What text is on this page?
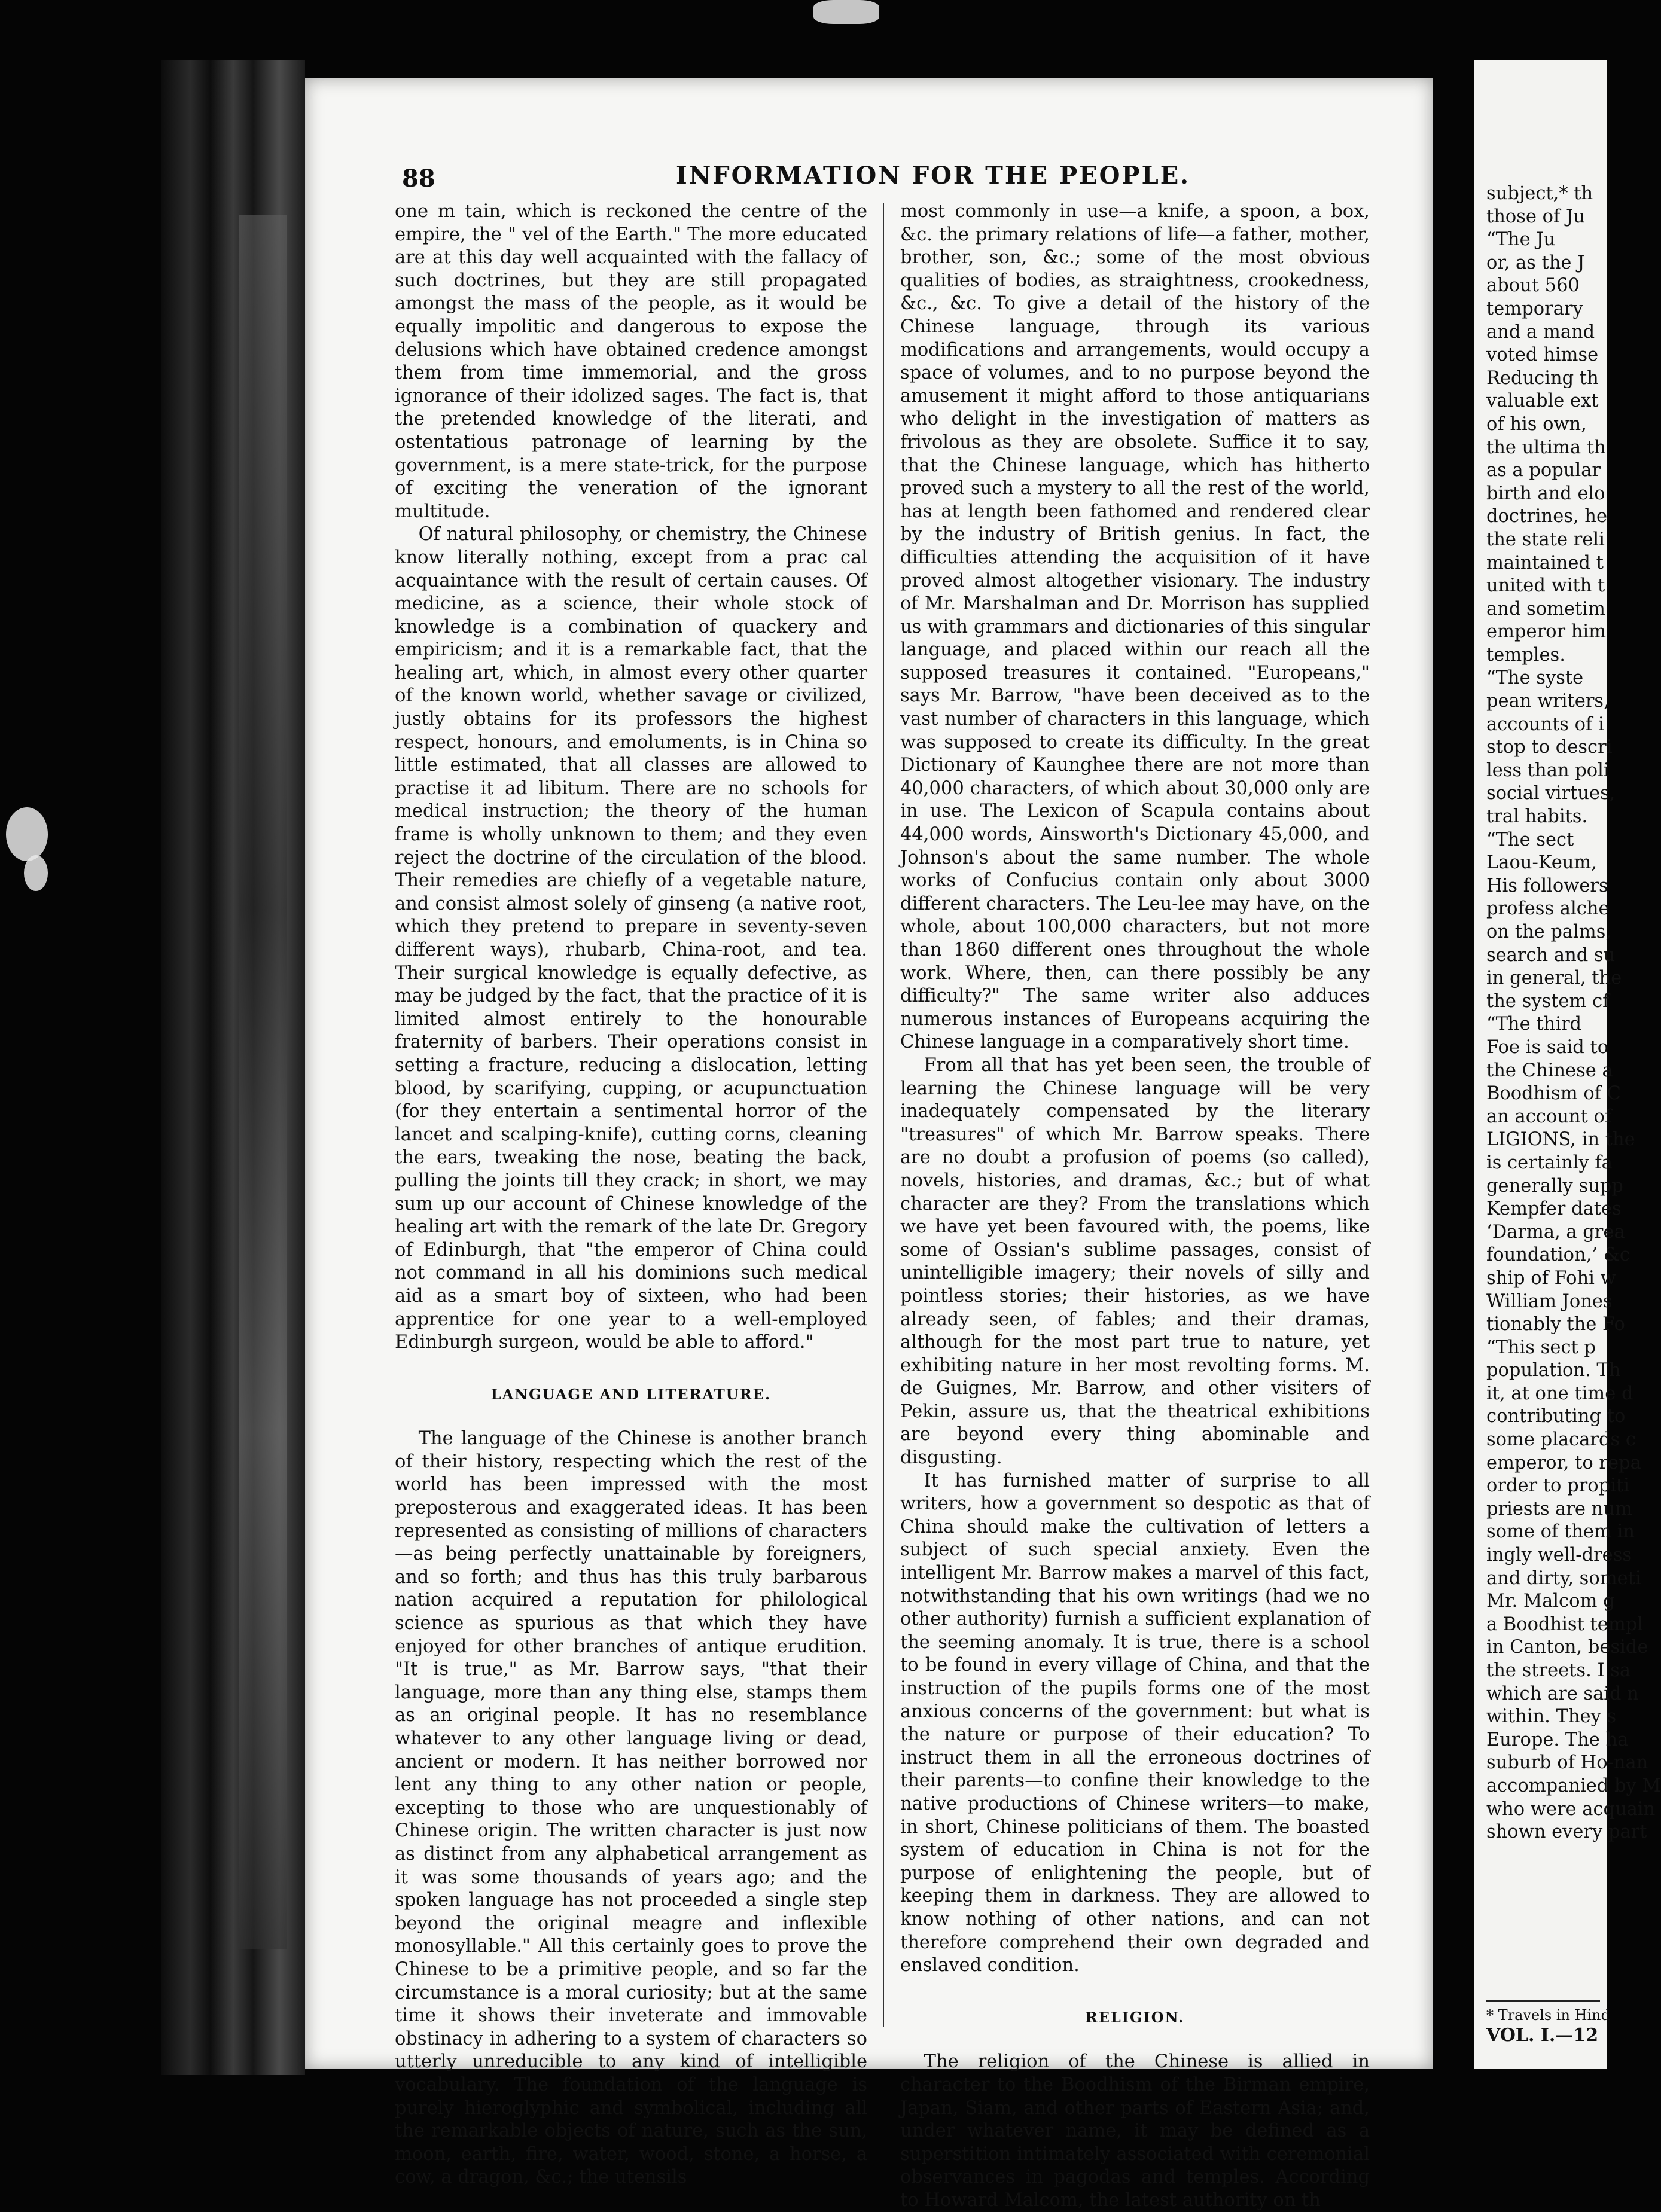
88	INFORMATION FOR THE PEOPLE.

one m tain, which is reckoned the centre of the empire, the " vel of the Earth." The more educated are at this day well acquainted with the fallacy of such doctrines, but they are still propagated amongst the mass of the people, as it would be equally impolitic and dangerous to expose the delusions which have obtained credence amongst them from time immemorial, and the gross ignorance of their idolized sages. The fact is, that the pretended knowledge of the literati, and ostentatious patronage of learning by the government, is a mere state-trick, for the purpose of exciting the veneration of the ignorant multitude.

Of natural philosophy, or chemistry, the Chinese know literally nothing, except from a prac cal acquaintance with the result of certain causes. Of medicine, as a science, their whole stock of knowledge is a combination of quackery and empiricism; and it is a remarkable fact, that the healing art, which, in almost every other quarter of the known world, whether savage or civilized, justly obtains for its professors the highest respect, honours, and emoluments, is in China so little estimated, that all classes are allowed to practise it ad libitum. There are no schools for medical instruction; the theory of the human frame is wholly unknown to them; and they even reject the doctrine of the circulation of the blood. Their remedies are chiefly of a vegetable nature, and consist almost solely of ginseng (a native root, which they pretend to prepare in seventy-seven different ways), rhubarb, China-root, and tea. Their surgical knowledge is equally defective, as may be judged by the fact, that the practice of it is limited almost entirely to the honourable fraternity of barbers. Their operations consist in setting a fracture, reducing a dislocation, letting blood, by scarifying, cupping, or acupunctuation (for they entertain a sentimental horror of the lancet and scalping-knife), cutting corns, cleaning the ears, tweaking the nose, beating the back, pulling the joints till they crack; in short, we may sum up our account of Chinese knowledge of the healing art with the remark of the late Dr. Gregory of Edinburgh, that "the emperor of China could not command in all his dominions such medical aid as a smart boy of sixteen, who had been apprentice for one year to a well-employed Edinburgh surgeon, would be able to afford."

LANGUAGE AND LITERATURE.

The language of the Chinese is another branch of their history, respecting which the rest of the world has been impressed with the most preposterous and exaggerated ideas. It has been represented as consisting of millions of characters—as being perfectly unattainable by foreigners, and so forth; and thus has this truly barbarous nation acquired a reputation for philological science as spurious as that which they have enjoyed for other branches of antique erudition. "It is true," as Mr. Barrow says, "that their language, more than any thing else, stamps them as an original people. It has no resemblance whatever to any other language living or dead, ancient or modern. It has neither borrowed nor lent any thing to any other nation or people, excepting to those who are unquestionably of Chinese origin. The written character is just now as distinct from any alphabetical arrangement as it was some thousands of years ago; and the spoken language has not proceeded a single step beyond the original meagre and inflexible monosyllable." All this certainly goes to prove the Chinese to be a primitive people, and so far the circumstance is a moral curiosity; but at the same time it shows their inveterate and immovable obstinacy in adhering to a system of characters so utterly unreducible to any kind of intelligible vocabulary. The foundation of the language is purely hieroglyphic and symbolical, including all the remarkable objects of nature, such as the sun, moon, earth, fire, water, wood, stone, a horse, a cow, a dragon, &c.; the utensils

most commonly in use—a knife, a spoon, a box, &c. the primary relations of life—a father, mother, brother, son, &c.; some of the most obvious qualities of bodies, as straightness, crookedness, &c., &c. To give a detail of the history of the Chinese language, through its various modifications and arrangements, would occupy a space of volumes, and to no purpose beyond the amusement it might afford to those antiquarians who delight in the investigation of matters as frivolous as they are obsolete. Suffice it to say, that the Chinese language, which has hitherto proved such a mystery to all the rest of the world, has at length been fathomed and rendered clear by the industry of British genius. In fact, the difficulties attending the acquisition of it have proved almost altogether visionary. The industry of Mr. Marshalman and Dr. Morrison has supplied us with grammars and dictionaries of this singular language, and placed within our reach all the supposed treasures it contained. "Europeans," says Mr. Barrow, "have been deceived as to the vast number of characters in this language, which was supposed to create its difficulty. In the great Dictionary of Kaunghee there are not more than 40,000 characters, of which about 30,000 only are in use. The Lexicon of Scapula contains about 44,000 words, Ainsworth's Dictionary 45,000, and Johnson's about the same number. The whole works of Confucius contain only about 3000 different characters. The Leu-lee may have, on the whole, about 100,000 characters, but not more than 1860 different ones throughout the whole work. Where, then, can there possibly be any difficulty?" The same writer also adduces numerous instances of Europeans acquiring the Chinese language in a comparatively short time.

From all that has yet been seen, the trouble of learning the Chinese language will be very inadequately compensated by the literary "treasures" of which Mr. Barrow speaks. There are no doubt a profusion of poems (so called), novels, histories, and dramas, &c.; but of what character are they? From the translations which we have yet been favoured with, the poems, like some of Ossian's sublime passages, consist of unintelligible imagery; their novels of silly and pointless stories; their histories, as we have already seen, of fables; and their dramas, although for the most part true to nature, yet exhibiting nature in her most revolting forms. M. de Guignes, Mr. Barrow, and other visiters of Pekin, assure us, that the theatrical exhibitions are beyond every thing abominable and disgusting.

It has furnished matter of surprise to all writers, how a government so despotic as that of China should make the cultivation of letters a subject of such special anxiety. Even the intelligent Mr. Barrow makes a marvel of this fact, notwithstanding that his own writings (had we no other authority) furnish a sufficient explanation of the seeming anomaly. It is true, there is a school to be found in every village of China, and that the instruction of the pupils forms one of the most anxious concerns of the government: but what is the nature or purpose of their education? To instruct them in all the erroneous doctrines of their parents—to confine their knowledge to the native productions of Chinese writers—to make, in short, Chinese politicians of them. The boasted system of education in China is not for the purpose of enlightening the people, but of keeping them in darkness. They are allowed to know nothing of other nations, and can not therefore comprehend their own degraded and enslaved condition.

RELIGION.

The religion of the Chinese is allied in character to the Boodhism of the Birman empire, Japan, Siam, and other parts of Eastern Asia; and, under whatever name, it may be defined as a superstition intimately associated with ceremonial observances in pagodas and temples. According to Howard Malcom, the latest authority on th

subject,* th
those of Ju
“The Ju
or, as the J
about 560
temporary
and a mand
voted himse
Reducing th
valuable ext
of his own,
the ultima th
as a popular
birth and elo
doctrines, he
the state reli
maintained t
united with t
and sometim
emperor him
temples.
“The syste
pean writers,
accounts of i
stop to descri
less than poli
social virtues,
tral habits.
“The sect
Laou-Keum,
His followers
profess alche
on the palms,
search and su
in general, the
the system cf
“The third
Foe is said to
the Chinese a
Boodhism of C
an account of
LIGIONS, in the
is certainly fa
generally supp
Kempfer dates
‘Darma, a grea
foundation,’ &c
ship of Fohi w
William Jones
tionably the Fo
“This sect p
population. Th
it, at one time d
contributing to
some placards c
emperor, to repa
order to propiti
priests are num
some of them in
ingly well-dress
and dirty, someti
Mr. Malcom g
a Boodhist templ
in Canton, beside
the streets. I sa
which are said n
within. They s
Europe. The ha
suburb of Ho-nan
accompanied by M
who were acquain
shown every part
* Travels in Hind
VOL. I.—12
